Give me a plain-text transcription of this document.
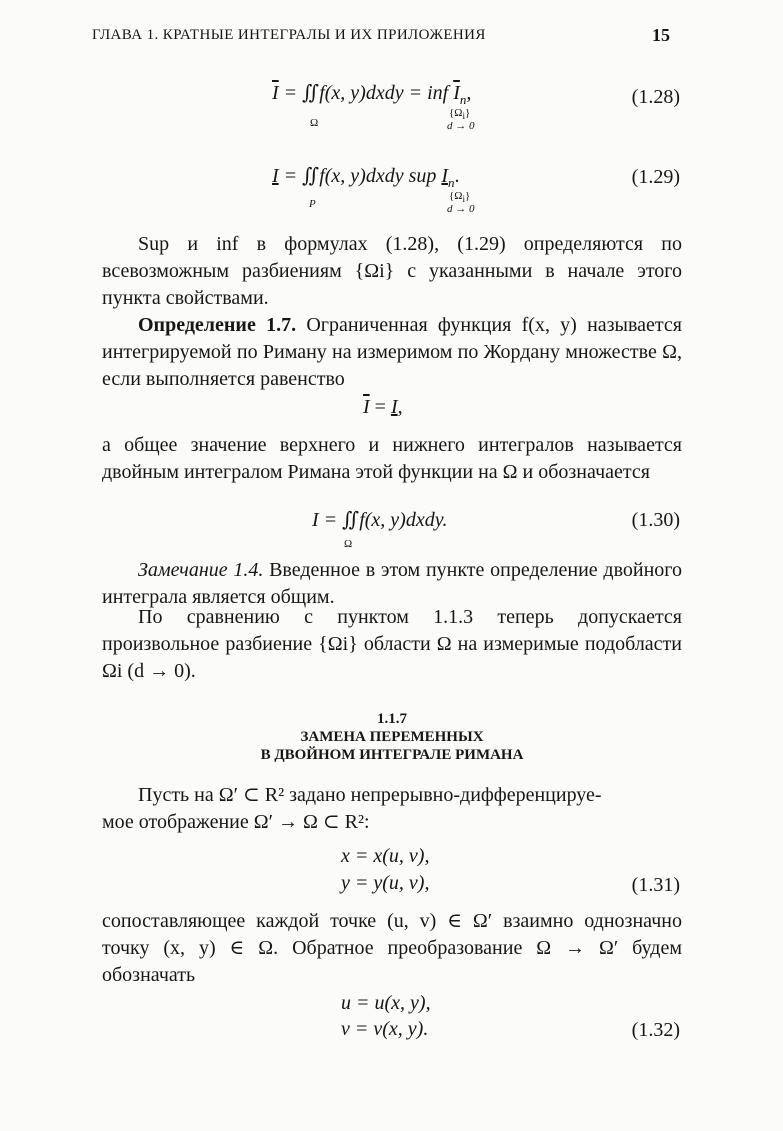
ГЛАВА 1. КРАТНЫЕ ИНТЕГРАЛЫ И ИХ ПРИЛОЖЕНИЯ	15
$\overline{I}$ = ∬f(x, y)dxdy = inf $\overline{I}_n$,
Ω
$\{\Omega_i\}$
d → 0
(1.28)
I = ∬f(x, y)dxdy sup $I_n$.
P
$\{\Omega_i\}$
d → 0
(1.29)
Sup и inf в формулах (1.28), (1.29) определяются по всевозможным разбиениям {Ωi} с указанными в начале этого пункта свойствами.
Определение 1.7. Ограниченная функция f(x, y) называется интегрируемой по Риману на измеримом по Жордану множестве Ω, если выполняется равенство
$\overline{I} = I$,
а общее значение верхнего и нижнего интегралов называется двойным интегралом Римана этой функции на Ω и обозначается
I = ∬f(x, y)dxdy.
Ω
(1.30)
Замечание 1.4. Введенное в этом пункте определение двойного интеграла является общим.
По сравнению с пунктом 1.1.3 теперь допускается произвольное разбиение {Ωi} области Ω на измеримые подобласти Ωi (d → 0).
1.1.7
ЗАМЕНА ПЕРЕМЕННЫХ
В ДВОЙНОМ ИНТЕГРАЛЕ РИМАНА
Пусть на Ω′ ⊂ R² задано непрерывно-дифференцируе-
мое отображение Ω′ → Ω ⊂ R²:
x = x(u, v),
y = y(u, v),	(1.31)
сопоставляющее каждой точке (u, v) ∈ Ω′ взаимно однозначно точку (x, y) ∈ Ω. Обратное преобразование Ω → Ω′ будем обозначать
u = u(x, y),
v = v(x, y).	(1.32)
